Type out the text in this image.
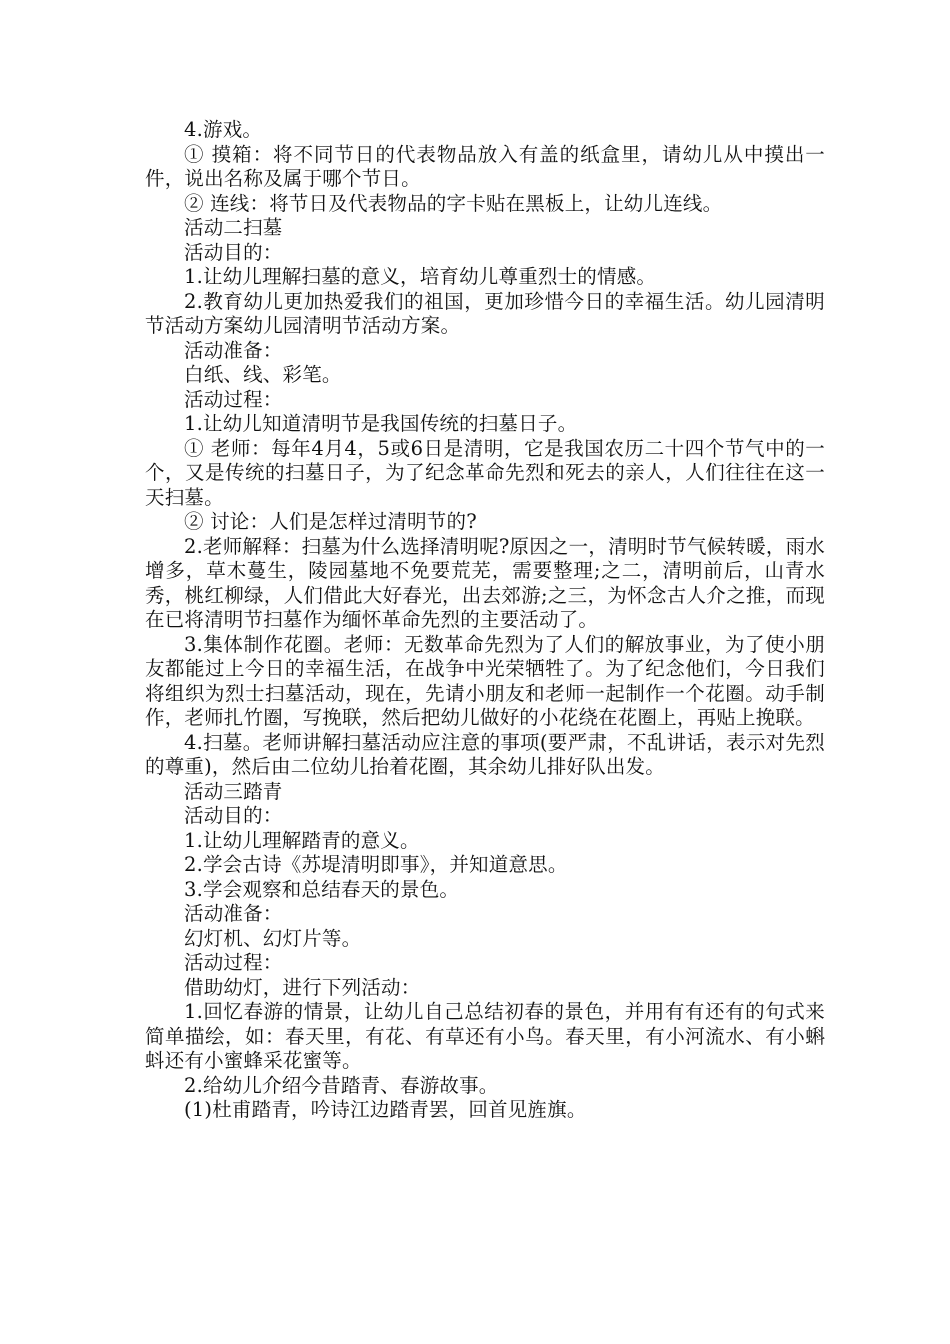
4.游戏。

① 摸箱：将不同节日的代表物品放入有盖的纸盒里，请幼儿从中摸出一件，说出名称及属于哪个节日。

② 连线：将节日及代表物品的字卡贴在黑板上，让幼儿连线。

活动二扫墓

活动目的：

1.让幼儿理解扫墓的意义，培育幼儿尊重烈士的情感。

2.教育幼儿更加热爱我们的祖国，更加珍惜今日的幸福生活。幼儿园清明节活动方案幼儿园清明节活动方案。

活动准备：

白纸、线、彩笔。

活动过程：

1.让幼儿知道清明节是我国传统的扫墓日子。

① 老师：每年4月4，5或6日是清明，它是我国农历二十四个节气中的一个，又是传统的扫墓日子，为了纪念革命先烈和死去的亲人，人们往往在这一天扫墓。

② 讨论：人们是怎样过清明节的?

2.老师解释：扫墓为什么选择清明呢?原因之一，清明时节气候转暖，雨水增多，草木蔓生，陵园墓地不免要荒芜，需要整理;之二，清明前后，山青水秀，桃红柳绿，人们借此大好春光，出去郊游;之三，为怀念古人介之推，而现在已将清明节扫墓作为缅怀革命先烈的主要活动了。

3.集体制作花圈。老师：无数革命先烈为了人们的解放事业，为了使小朋友都能过上今日的幸福生活，在战争中光荣牺牲了。为了纪念他们，今日我们将组织为烈士扫墓活动，现在，先请小朋友和老师一起制作一个花圈。动手制作，老师扎竹圈，写挽联，然后把幼儿做好的小花绕在花圈上，再贴上挽联。

4.扫墓。老师讲解扫墓活动应注意的事项(要严肃，不乱讲话，表示对先烈的尊重)，然后由二位幼儿抬着花圈，其余幼儿排好队出发。

活动三踏青

活动目的：

1.让幼儿理解踏青的意义。

2.学会古诗《苏堤清明即事》，并知道意思。

3.学会观察和总结春天的景色。

活动准备：

幻灯机、幻灯片等。

活动过程：

借助幼灯，进行下列活动：

1.回忆春游的情景，让幼儿自己总结初春的景色，并用有有还有的句式来简单描绘，如：春天里，有花、有草还有小鸟。春天里，有小河流水、有小蝌蚪还有小蜜蜂采花蜜等。

2.给幼儿介绍今昔踏青、春游故事。

(1)杜甫踏青，吟诗江边踏青罢，回首见旌旗。
